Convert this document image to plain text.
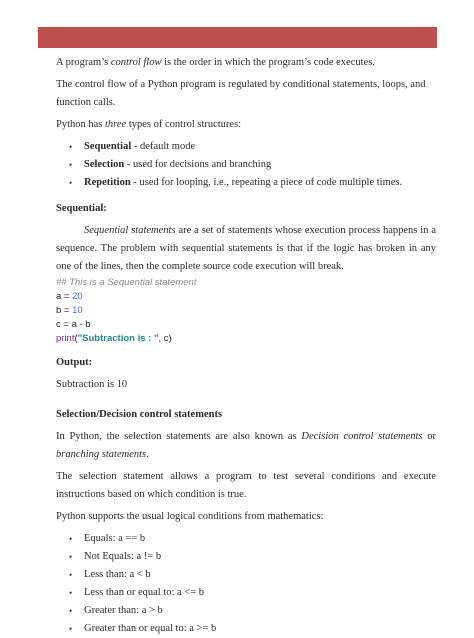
A program’s control flow is the order in which the program’s code executes.

The control flow of a Python program is regulated by conditional statements, loops, and function calls.

Python has three types of control structures:

• Sequential - default mode
• Selection - used for decisions and branching
• Repetition - used for looping, i.e., repeating a piece of code multiple times.

Sequential:

Sequential statements are a set of statements whose execution process happens in a sequence. The problem with sequential statements is that if the logic has broken in any one of the lines, then the complete source code execution will break.

## This is a Sequential statement

a = 20

b = 10

c = a - b

print("Subtraction is : ", c)

Output:

Subtraction is 10

Selection/Decision control statements

In Python, the selection statements are also known as Decision control statements or branching statements.

The selection statement allows a program to test several conditions and execute instructions based on which condition is true.

Python supports the usual logical conditions from mathematics:

• Equals: a == b
• Not Equals: a != b
• Less than: a < b
• Less than or equal to: a <= b
• Greater than: a > b
• Greater than or equal to: a >= b
